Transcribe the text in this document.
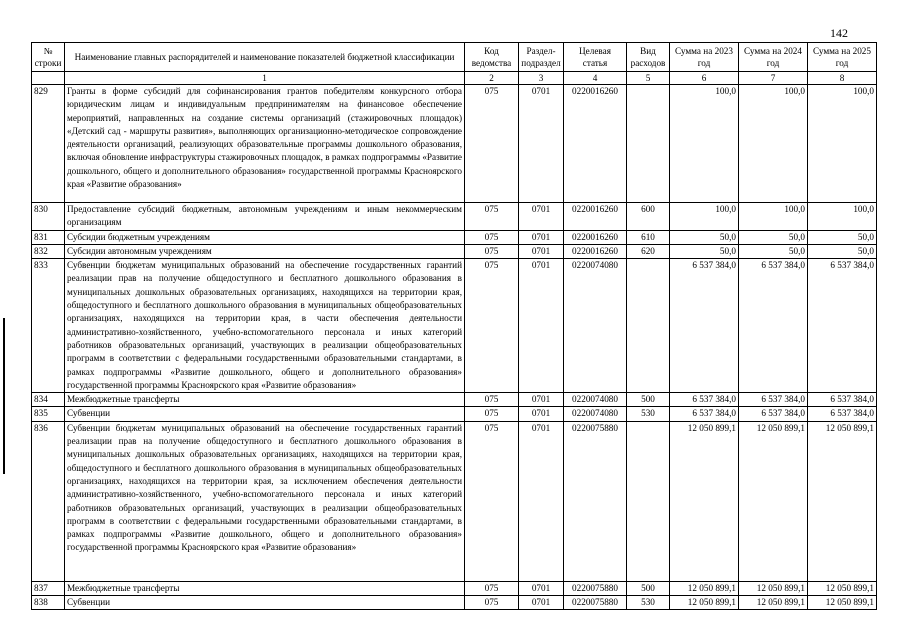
142
№ строки	Наименование главных распорядителей и наименование показателей бюджетной классификации	Код ведомства	Раздел-подраздел	Целевая статья	Вид расходов	Сумма на 2023 год	Сумма на 2024 год	Сумма на 2025 год
	1	2	3	4	5	6	7	8
829	Гранты в форме субсидий для софинансирования грантов победителям конкурсного отбора юридическим лицам и индивидуальным предпринимателям на финансовое обеспечение мероприятий, направленных на создание системы организаций (стажировочных площадок) «Детский сад - маршруты развития», выполняющих организационно-методическое сопровождение деятельности организаций, реализующих образовательные программы дошкольного образования, включая обновление инфраструктуры стажировочных площадок, в рамках подпрограммы «Развитие дошкольного, общего и дополнительного образования» государственной программы Красноярского края «Развитие образования»	075	0701	0220016260		100,0	100,0	100,0
830	Предоставление субсидий бюджетным, автономным учреждениям и иным некоммерческим организациям	075	0701	0220016260	600	100,0	100,0	100,0
831	Субсидии бюджетным учреждениям	075	0701	0220016260	610	50,0	50,0	50,0
832	Субсидии автономным учреждениям	075	0701	0220016260	620	50,0	50,0	50,0
833	Субвенции бюджетам муниципальных образований на обеспечение государственных гарантий реализации прав на получение общедоступного и бесплатного дошкольного образования в муниципальных дошкольных образовательных организациях, находящихся на территории края, общедоступного и бесплатного дошкольного образования в муниципальных общеобразовательных организациях, находящихся на территории края, в части обеспечения деятельности административно-хозяйственного, учебно-вспомогательного персонала и иных категорий работников образовательных организаций, участвующих в реализации общеобразовательных программ в соответствии с федеральными государственными образовательными стандартами, в рамках подпрограммы «Развитие дошкольного, общего и дополнительного образования» государственной программы Красноярского края «Развитие образования»	075	0701	0220074080		6 537 384,0	6 537 384,0	6 537 384,0
834	Межбюджетные трансферты	075	0701	0220074080	500	6 537 384,0	6 537 384,0	6 537 384,0
835	Субвенции	075	0701	0220074080	530	6 537 384,0	6 537 384,0	6 537 384,0
836	Субвенции бюджетам муниципальных образований на обеспечение государственных гарантий реализации прав на получение общедоступного и бесплатного дошкольного образования в муниципальных дошкольных образовательных организациях, находящихся на территории края, общедоступного и бесплатного дошкольного образования в муниципальных общеобразовательных организациях, находящихся на территории края, за исключением обеспечения деятельности административно-хозяйственного, учебно-вспомогательного персонала и иных категорий работников образовательных организаций, участвующих в реализации общеобразовательных программ в соответствии с федеральными государственными образовательными стандартами, в рамках подпрограммы «Развитие дошкольного, общего и дополнительного образования» государственной программы Красноярского края «Развитие образования»	075	0701	0220075880		12 050 899,1	12 050 899,1	12 050 899,1
837	Межбюджетные трансферты	075	0701	0220075880	500	12 050 899,1	12 050 899,1	12 050 899,1
838	Субвенции	075	0701	0220075880	530	12 050 899,1	12 050 899,1	12 050 899,1
